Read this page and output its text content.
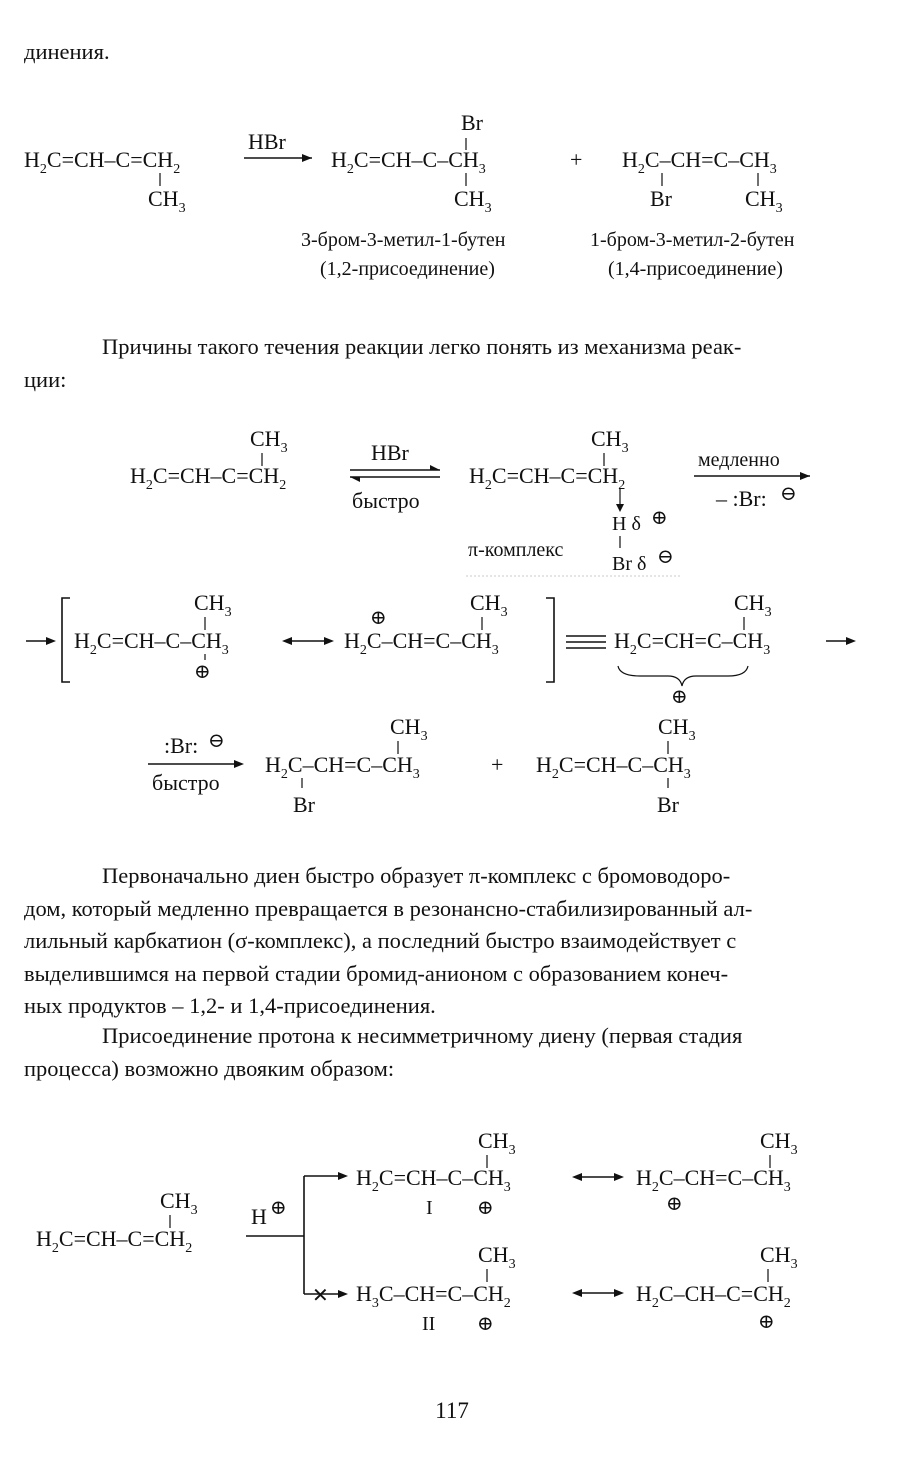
динения.
$H_2C=CH-C=CH_2$
$CH_3$
HBr
Br
$H_2C=CH-C-CH_3$
$CH_3$
+ $H_2C-CH=C-CH_3$
Br	$CH_3$
3-бром-3-метил-1-бутен
(1,2-присоединение)
1-бром-3-метил-2-бутен
(1,4-присоединение)
Причины такого течения реакции легко понять из механизма реак-
ции:
$CH_3$
$H_2C=CH-C=CH_2$
HBr
быстро
$CH_3$
$H_2C=CH-C=CH_2$
H δ ⊕
π-комплекс
Br δ ⊖
медленно
– :Br: ⊖
$CH_3$
$H_2C=CH-C-CH_3$
⊕
⊕
$CH_3$
$H_2C-CH=C-CH_3$
$CH_3$
$H_2C=CH=C-CH_3$
⊕
:Br: ⊖
быстро
$CH_3$
$H_2C-CH=C-CH_3$
Br
+
$CH_3$
$H_2C=CH-C-CH_3$
Br
Первоначально диен быстро образует π-комплекс с бромоводоро-
дом, который медленно превращается в резонансно-стабилизированный ал-
лильный карбкатион (σ-комплекс), а последний быстро взаимодействует с
выделившимся на первой стадии бромид-анионом с образованием конеч-
ных продуктов – 1,2- и 1,4-присоединения.
Присоединение протона к несимметричному диену (первая стадия
процесса) возможно двояким образом:
$CH_3$
$H_2C=CH-C=CH_2$
H ⊕
✕
$CH_3$
$H_2C=CH-C-CH_3$
I ⊕
$CH_3$
$H_2C-CH=C-CH_3$
⊕
$CH_3$
$H_3C-CH=C-CH_2$
II ⊕
$CH_3$
$H_2C-CH-C=CH_2$
⊕
117
